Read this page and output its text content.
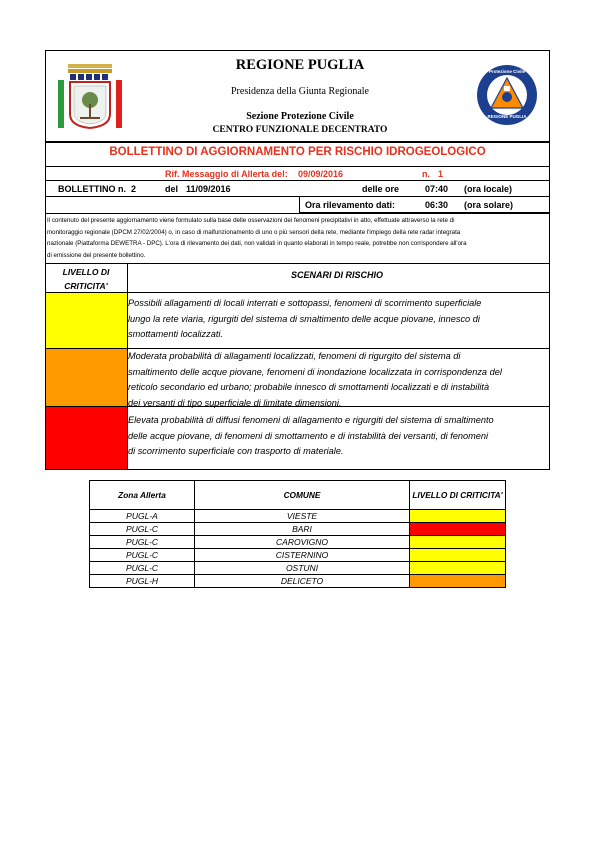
REGIONE PUGLIA
Presidenza della Giunta Regionale
Sezione Protezione Civile
CENTRO FUNZIONALE DECENTRATO
Protezione Civile
REGIONE PUGLIA
BOLLETTINO DI AGGIORNAMENTO PER RISCHIO IDROGEOLOGICO
Rif. Messaggio di Allerta del: 09/09/2016	n. 1
BOLLETTINO n. 2	del 11/09/2016	delle ore	07:40 (ora locale)
Ora rilevamento dati:	06:30 (ora solare)
Il contenuto del presente aggiornamento viene formulato sulla base delle osservazioni dei fenomeni precipitativi in atto, effettuate attraverso la rete di
monitoraggio regionale (DPCM 27/02/2004) o, in caso di malfunzionamento di uno o più sensori della rete, mediante l'impiego della rete radar integrata
nazionale (Piattaforma DEWETRA - DPC). L'ora di rilevamento dei dati, non validati in quanto elaborati in tempo reale, potrebbe non corrispondere all'ora
di emissione del presente bollettino.
LIVELLO DI CRITICITA'
SCENARI DI RISCHIO
Possibili allagamenti di locali interrati e sottopassi, fenomeni di scorrimento superficiale
lungo la rete viaria, rigurgiti del sistema di smaltimento delle acque piovane, innesco di
smottamenti localizzati.
Moderata probabilità di allagamenti localizzati, fenomeni di rigurgito del sistema di
smaltimento delle acque piovane, fenomeni di inondazione localizzata in corrispondenza del
reticolo secondario ed urbano; probabile innesco di smottamenti localizzati e di instabilità
dei versanti di tipo superficiale di limitate dimensioni.
Elevata probabilità di diffusi fenomeni di allagamento e rigurgiti del sistema di smaltimento
delle acque piovane, di fenomeni di smottamento e di instabilità dei versanti, di fenomeni
di scorrimento superficiale con trasporto di materiale.
Zona Allerta	COMUNE	LIVELLO DI CRITICITA'
PUGL-A	VIESTE	
PUGL-C	BARI	
PUGL-C	CAROVIGNO	
PUGL-C	CISTERNINO	
PUGL-C	OSTUNI	
PUGL-H	DELICETO	
